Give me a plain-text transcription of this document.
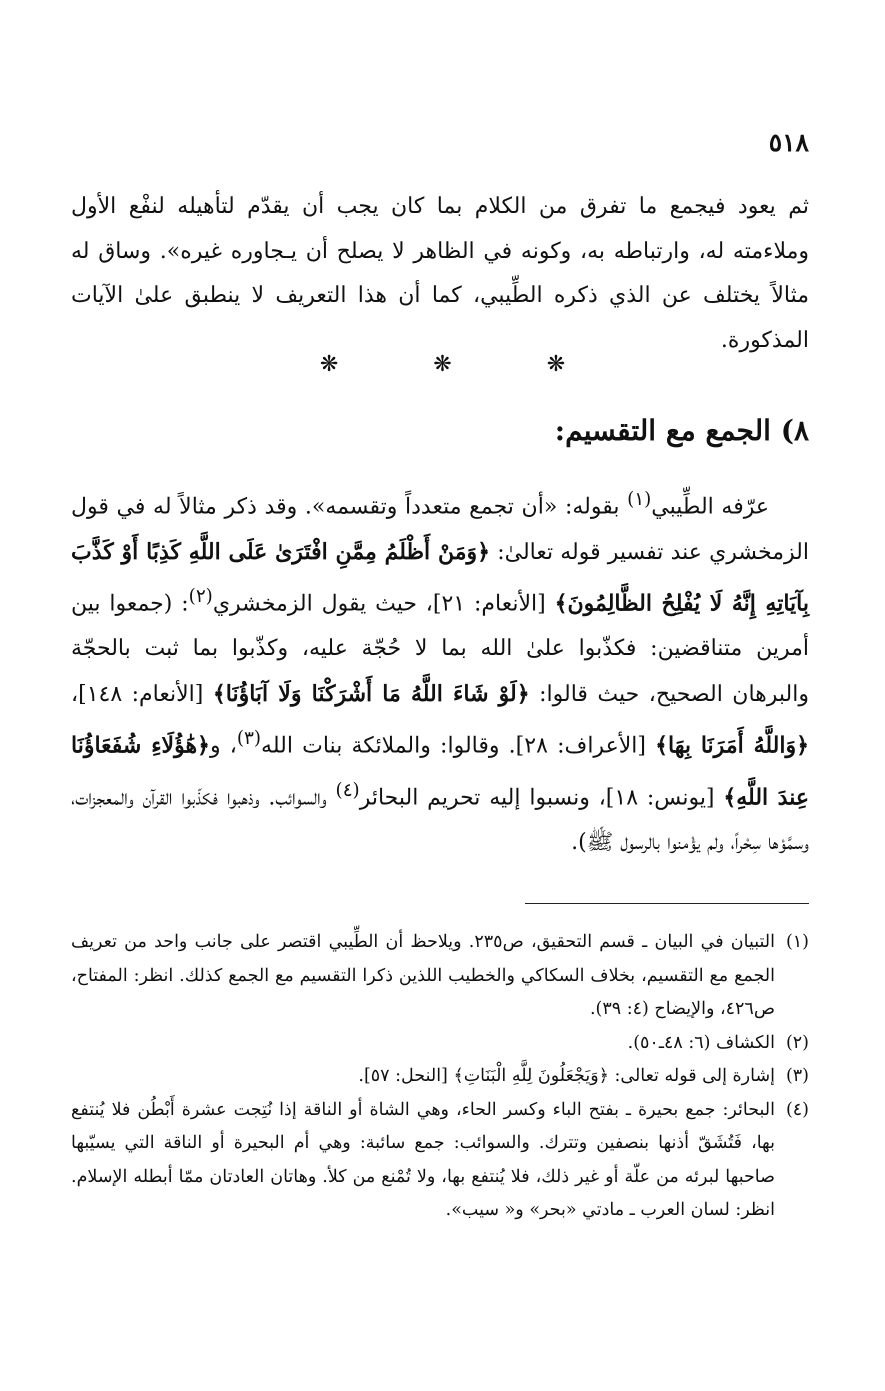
٥١٨

ثم يعود فيجمع ما تفرق من الكلام بما كان يجب أن يقدّم لتأهيله لنفْع الأول وملاءمته له، وارتباطه به، وكونه في الظاهر لا يصلح أن يـجاوره غيره». وساق له مثالاً يختلف عن الذي ذكره الطِّيبي، كما أن هذا التعريف لا ينطبق علىٰ الآيات المذكورة.

❋ ❋ ❋
٨) الجمع مع التقسيم:

عرّفه الطِّيبي$^{(١)}$ بقوله: «أن تجمع متعدداً وتقسمه». وقد ذكر مثالاً له في قول الزمخشري عند تفسير قوله تعالىٰ: ﴿وَمَنْ أَظْلَمُ مِمَّنِ افْتَرَىٰ عَلَى اللَّهِ كَذِبًا أَوْ كَذَّبَ بِآيَاتِهِ إِنَّهُ لَا يُفْلِحُ الظَّالِمُونَ﴾ [الأنعام: ٢١]، حيث يقول الزمخشري$^{(٢)}$: (جمعوا بين أمرين متناقضين: فكذّبوا علىٰ الله بما لا حُجّة عليه، وكذّبوا بما ثبت بالحجّة والبرهان الصحيح، حيث قالوا: ﴿لَوْ شَاءَ اللَّهُ مَا أَشْرَكْنَا وَلَا آبَاؤُنَا﴾ [الأنعام: ١٤٨]، ﴿وَاللَّهُ أَمَرَنَا بِهَا﴾ [الأعراف: ٢٨]. وقالوا: والملائكة بنات الله$^{(٣)}$، و﴿هَٰؤُلَاءِ شُفَعَاؤُنَا عِندَ اللَّهِ﴾ [يونس: ١٨]، ونسبوا إليه تحريم البحائر$^{(٤)}$ والسوائب. وذهبوا فكذّبوا القرآن والمعجزات، وسمَّوْها سِحْراً، ولم يؤْمنوا بالرسول ﷺ).

(١)التبيان في البيان ـ قسم التحقيق، ص٢٣٥. ويلاحظ أن الطِّيبي اقتصر على جانب واحد من تعريف الجمع مع التقسيم، بخلاف السكاكي والخطيب اللذين ذكرا التقسيم مع الجمع كذلك. انظر: المفتاح، ص٤٢٦، والإيضاح (٤: ٣٩).

(٢)الكشاف (٦: ٤٨ـ٥٠).

(٣)إشارة إلى قوله تعالى: ﴿وَيَجْعَلُونَ لِلَّهِ الْبَنَاتِ﴾ [النحل: ٥٧].

(٤)البحائر: جمع بحيرة ـ بفتح الباء وكسر الحاء، وهي الشاة أو الناقة إذا نُتِجت عشرة أَبْطُن فلا يُنتفع بها، فَتُشَقّ أذنها بنصفين وتترك. والسوائب: جمع سائبة: وهي أم البحيرة أو الناقة التي يسيّبها صاحبها لبرئه من علّة أو غير ذلك، فلا يُنتفع بها، ولا تُمْنع من كلأ. وهاتان العادتان ممّا أبطله الإسلام. انظر: لسان العرب ـ مادتي «بحر» و« سيب».
